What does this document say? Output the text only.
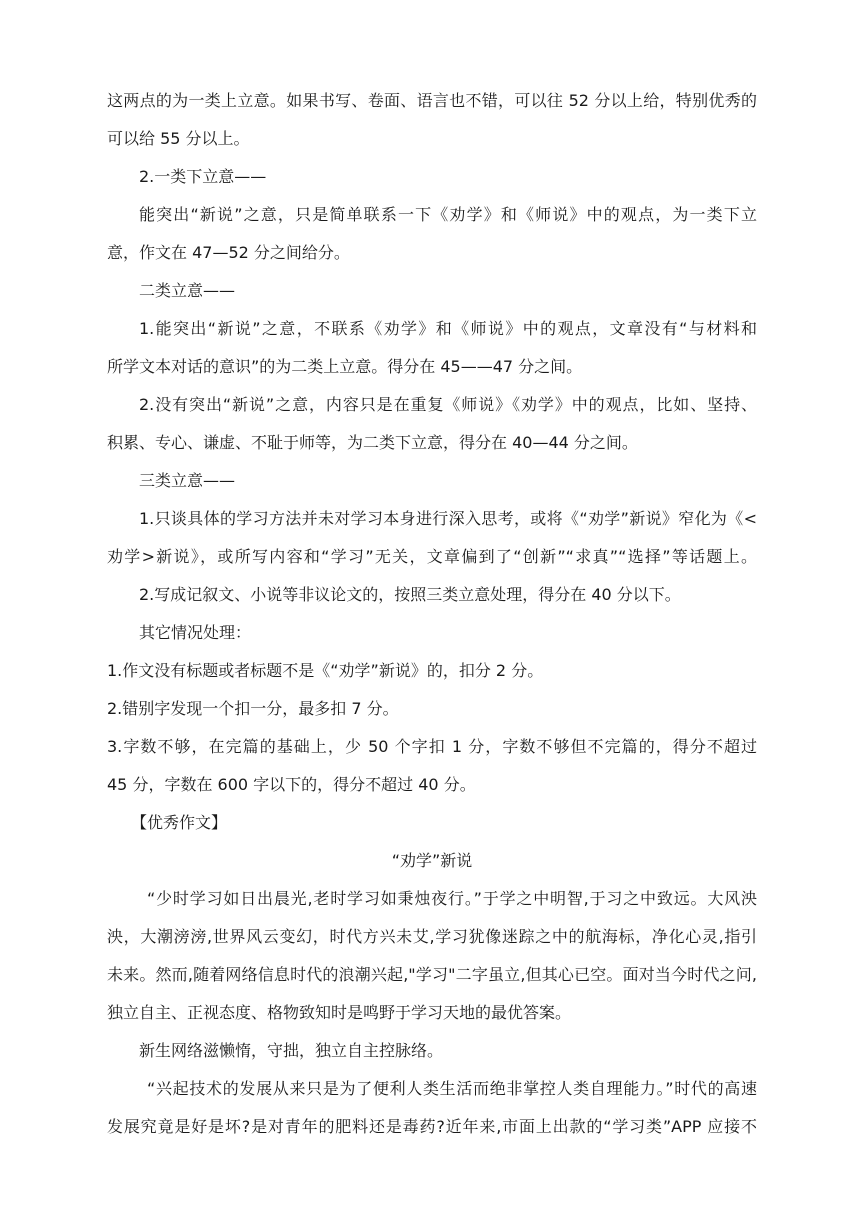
这两点的为一类上立意。如果书写、卷面、语言也不错，可以往 52 分以上给，特别优秀的
可以给 55 分以上。
2.一类下立意——
能突出“新说”之意，只是简单联系一下《劝学》和《师说》中的观点，为一类下立
意，作文在 47—52 分之间给分。
二类立意——
1.能突出“新说”之意，不联系《劝学》和《师说》中的观点，文章没有“与材料和
所学文本对话的意识”的为二类上立意。得分在 45——47 分之间。
2.没有突出“新说”之意，内容只是在重复《师说》《劝学》中的观点，比如、坚持、
积累、专心、谦虚、不耻于师等，为二类下立意，得分在 40—44 分之间。
三类立意——
1.只谈具体的学习方法并未对学习本身进行深入思考，或将《“劝学”新说》窄化为《<
劝学>新说》，或所写内容和“学习”无关，文章偏到了“创新”“求真”“选择”等话题上。
2.写成记叙文、小说等非议论文的，按照三类立意处理，得分在 40 分以下。
其它情况处理：
1.作文没有标题或者标题不是《“劝学”新说》的，扣分 2 分。
2.错别字发现一个扣一分，最多扣 7 分。
3.字数不够，在完篇的基础上，少 50 个字扣 1 分，字数不够但不完篇的，得分不超过
45 分，字数在 600 字以下的，得分不超过 40 分。
【优秀作文】
“劝学”新说
“少时学习如日出晨光,老时学习如秉烛夜行。”于学之中明智,于习之中致远。大风泱
泱，大潮滂滂,世界风云变幻，时代方兴未艾,学习犹像迷踪之中的航海标，净化心灵,指引
未来。然而,随着网络信息时代的浪潮兴起,"学习"二字虽立,但其心已空。面对当今时代之问,
独立自主、正视态度、格物致知时是鸣野于学习天地的最优答案。
新生网络滋懒惰，守拙，独立自主控脉络。
“兴起技术的发展从来只是为了便利人类生活而绝非掌控人类自理能力。”时代的高速
发展究竟是好是坏?是对青年的肥料还是毒药?近年来,市面上出款的“学习类”APP 应接不
